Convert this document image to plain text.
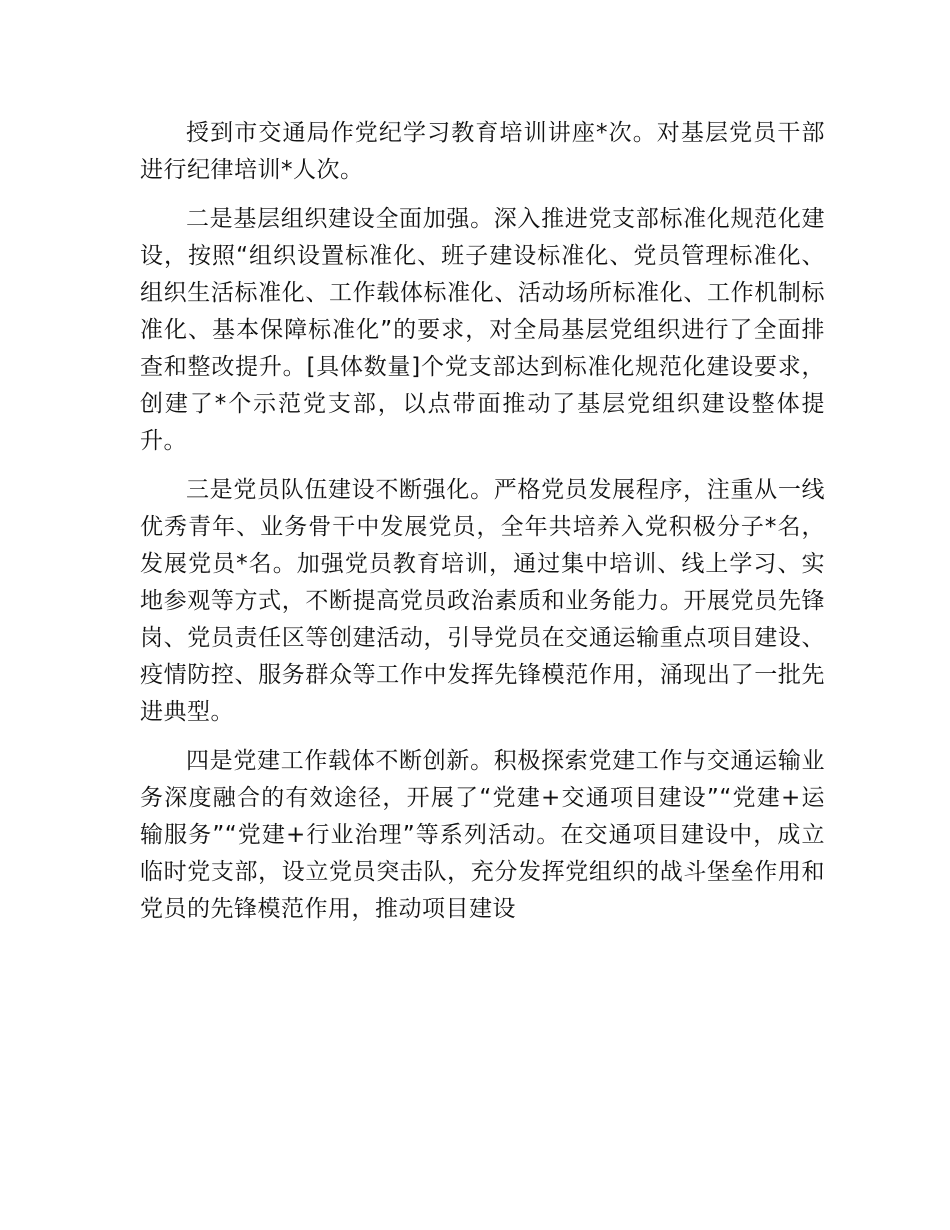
授到市交通局作党纪学习教育培训讲座*次。对基层党员干部进行纪律培训*人次。

二是基层组织建设全面加强。深入推进党支部标准化规范化建设，按照“组织设置标准化、班子建设标准化、党员管理标准化、组织生活标准化、工作载体标准化、活动场所标准化、工作机制标准化、基本保障标准化”的要求，对全局基层党组织进行了全面排查和整改提升。[具体数量]个党支部达到标准化规范化建设要求，创建了*个示范党支部，以点带面推动了基层党组织建设整体提升。

三是党员队伍建设不断强化。严格党员发展程序，注重从一线优秀青年、业务骨干中发展党员，全年共培养入党积极分子*名，发展党员*名。加强党员教育培训，通过集中培训、线上学习、实地参观等方式，不断提高党员政治素质和业务能力。开展党员先锋岗、党员责任区等创建活动，引导党员在交通运输重点项目建设、疫情防控、服务群众等工作中发挥先锋模范作用，涌现出了一批先进典型。

四是党建工作载体不断创新。积极探索党建工作与交通运输业务深度融合的有效途径，开展了“党建+交通项目建设”“党建+运输服务”“党建+行业治理”等系列活动。在交通项目建设中，成立临时党支部，设立党员突击队，充分发挥党组织的战斗堡垒作用和党员的先锋模范作用，推动项目建设
